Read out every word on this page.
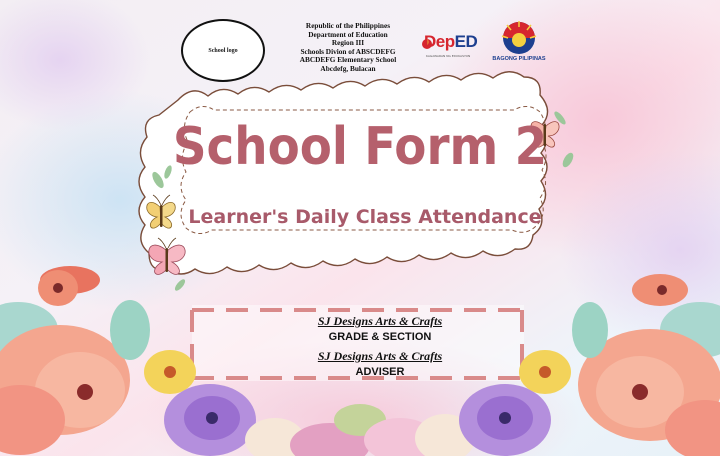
School logo
Republic of the Philippines
Department of Education
Region III
Schools Divion of ABSCDEFG
ABCDEFG Elementary School
Abcdefg, Bulacan
DepED
KAGAWARAN NG EDUKASYON	BAGONG PILIPINAS
School Form 2
Learner's Daily Class Attendance
SJ Designs Arts & Crafts
GRADE & SECTION
SJ Designs Arts & Crafts
ADVISER
